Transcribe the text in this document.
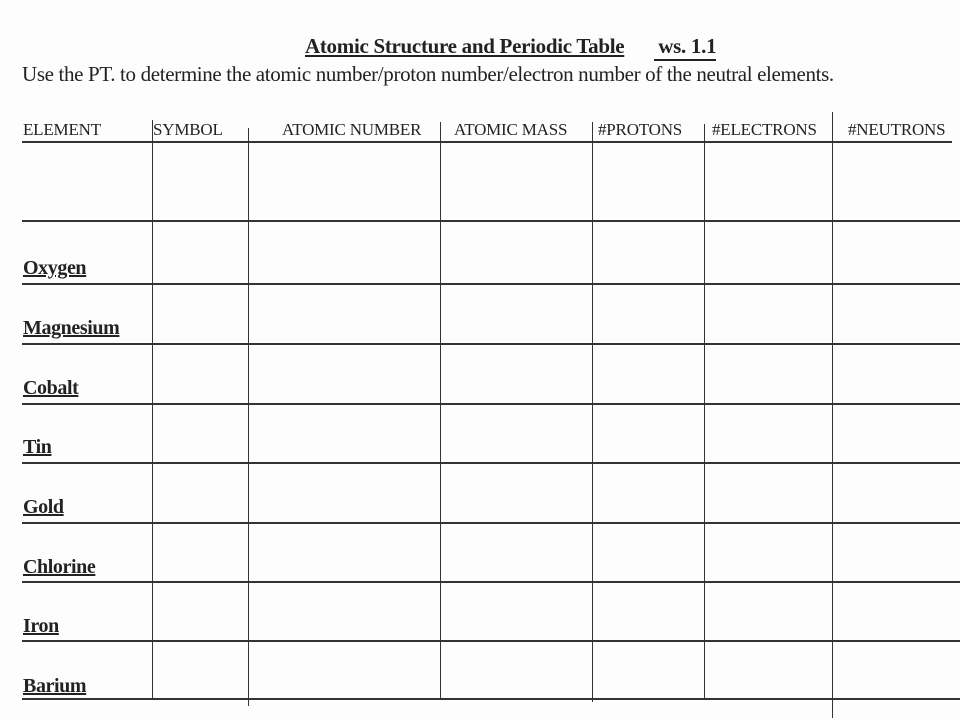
Atomic Structure and Periodic Table ws. 1.1
Use the PT. to determine the atomic number/proton number/electron number of the neutral elements.
ELEMENT	SYMBOL	ATOMIC NUMBER ATOMIC MASS #PROTONS #ELECTRONS #NEUTRONS
Oxygen
Magnesium
Cobalt
Tin
Gold
Chlorine
Iron
Barium
